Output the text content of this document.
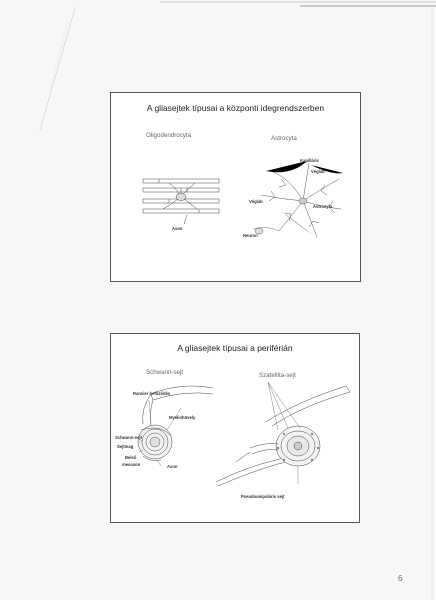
A gliasejtek típusai a központi idegrendszerben
Oligodendrocyta	Astrocyta
Axon
Kapilláris
Véglab
Véglab
Astrocyta
Neuron
A gliasejtek típusai a periférián
Schwann-sejt	Szatellita-sejt
Ranvier befűződés
Myelinhüvely
Schwann-sejt
Sejtmag
Belső
mesaxon	Axon
Pseudounipoláris sejt
6
